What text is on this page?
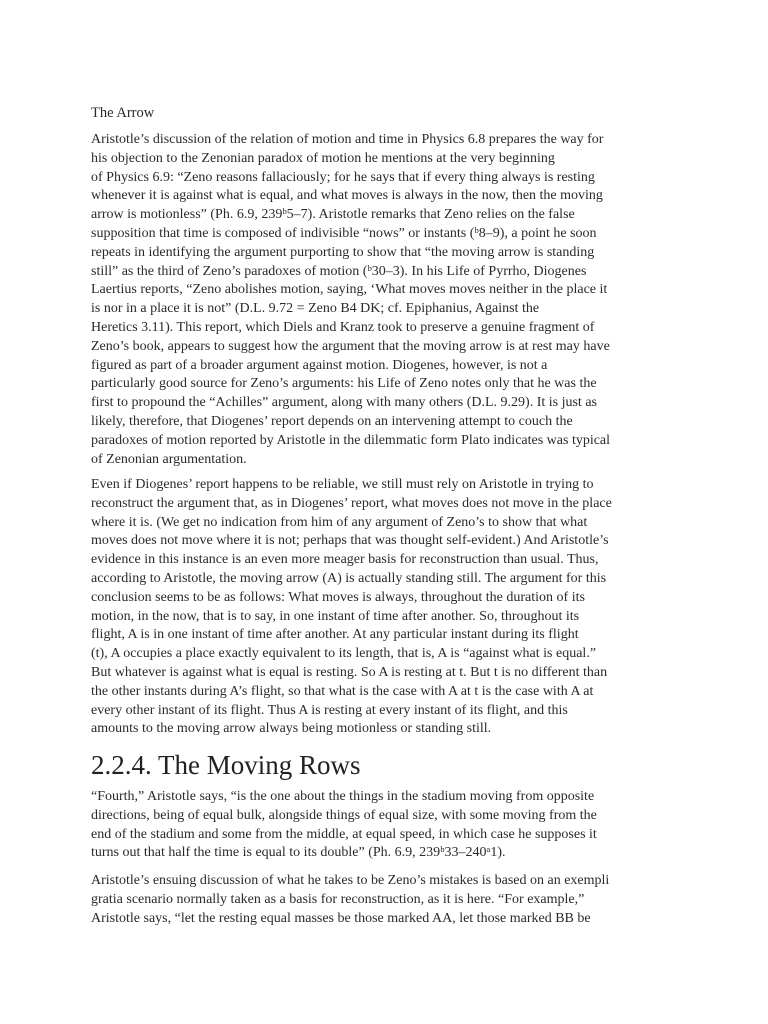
The Arrow
Aristotle’s discussion of the relation of motion and time in Physics 6.8 prepares the way for
his objection to the Zenonian paradox of motion he mentions at the very beginning
of Physics 6.9: “Zeno reasons fallaciously; for he says that if every thing always is resting
whenever it is against what is equal, and what moves is always in the now, then the moving
arrow is motionless” (Ph. 6.9, 239ᵇ5–7). Aristotle remarks that Zeno relies on the false
supposition that time is composed of indivisible “nows” or instants (ᵇ8–9), a point he soon
repeats in identifying the argument purporting to show that “the moving arrow is standing
still” as the third of Zeno’s paradoxes of motion (ᵇ30–3). In his Life of Pyrrho, Diogenes
Laertius reports, “Zeno abolishes motion, saying, ‘What moves moves neither in the place it
is nor in a place it is not” (D.L. 9.72 = Zeno B4 DK; cf. Epiphanius, Against the
Heretics 3.11). This report, which Diels and Kranz took to preserve a genuine fragment of
Zeno’s book, appears to suggest how the argument that the moving arrow is at rest may have
figured as part of a broader argument against motion. Diogenes, however, is not a
particularly good source for Zeno’s arguments: his Life of Zeno notes only that he was the
first to propound the “Achilles” argument, along with many others (D.L. 9.29). It is just as
likely, therefore, that Diogenes’ report depends on an intervening attempt to couch the
paradoxes of motion reported by Aristotle in the dilemmatic form Plato indicates was typical
of Zenonian argumentation.
Even if Diogenes’ report happens to be reliable, we still must rely on Aristotle in trying to
reconstruct the argument that, as in Diogenes’ report, what moves does not move in the place
where it is. (We get no indication from him of any argument of Zeno’s to show that what
moves does not move where it is not; perhaps that was thought self-evident.) And Aristotle’s
evidence in this instance is an even more meager basis for reconstruction than usual. Thus,
according to Aristotle, the moving arrow (A) is actually standing still. The argument for this
conclusion seems to be as follows: What moves is always, throughout the duration of its
motion, in the now, that is to say, in one instant of time after another. So, throughout its
flight, A is in one instant of time after another. At any particular instant during its flight
(t), A occupies a place exactly equivalent to its length, that is, A is “against what is equal.”
But whatever is against what is equal is resting. So A is resting at t. But t is no different than
the other instants during A’s flight, so that what is the case with A at t is the case with A at
every other instant of its flight. Thus A is resting at every instant of its flight, and this
amounts to the moving arrow always being motionless or standing still.
2.2.4. The Moving Rows
“Fourth,” Aristotle says, “is the one about the things in the stadium moving from opposite
directions, being of equal bulk, alongside things of equal size, with some moving from the
end of the stadium and some from the middle, at equal speed, in which case he supposes it
turns out that half the time is equal to its double” (Ph. 6.9, 239ᵇ33–240ᵃ1).
Aristotle’s ensuing discussion of what he takes to be Zeno’s mistakes is based on an exempli
gratia scenario normally taken as a basis for reconstruction, as it is here. “For example,”
Aristotle says, “let the resting equal masses be those marked AA, let those marked BB be
